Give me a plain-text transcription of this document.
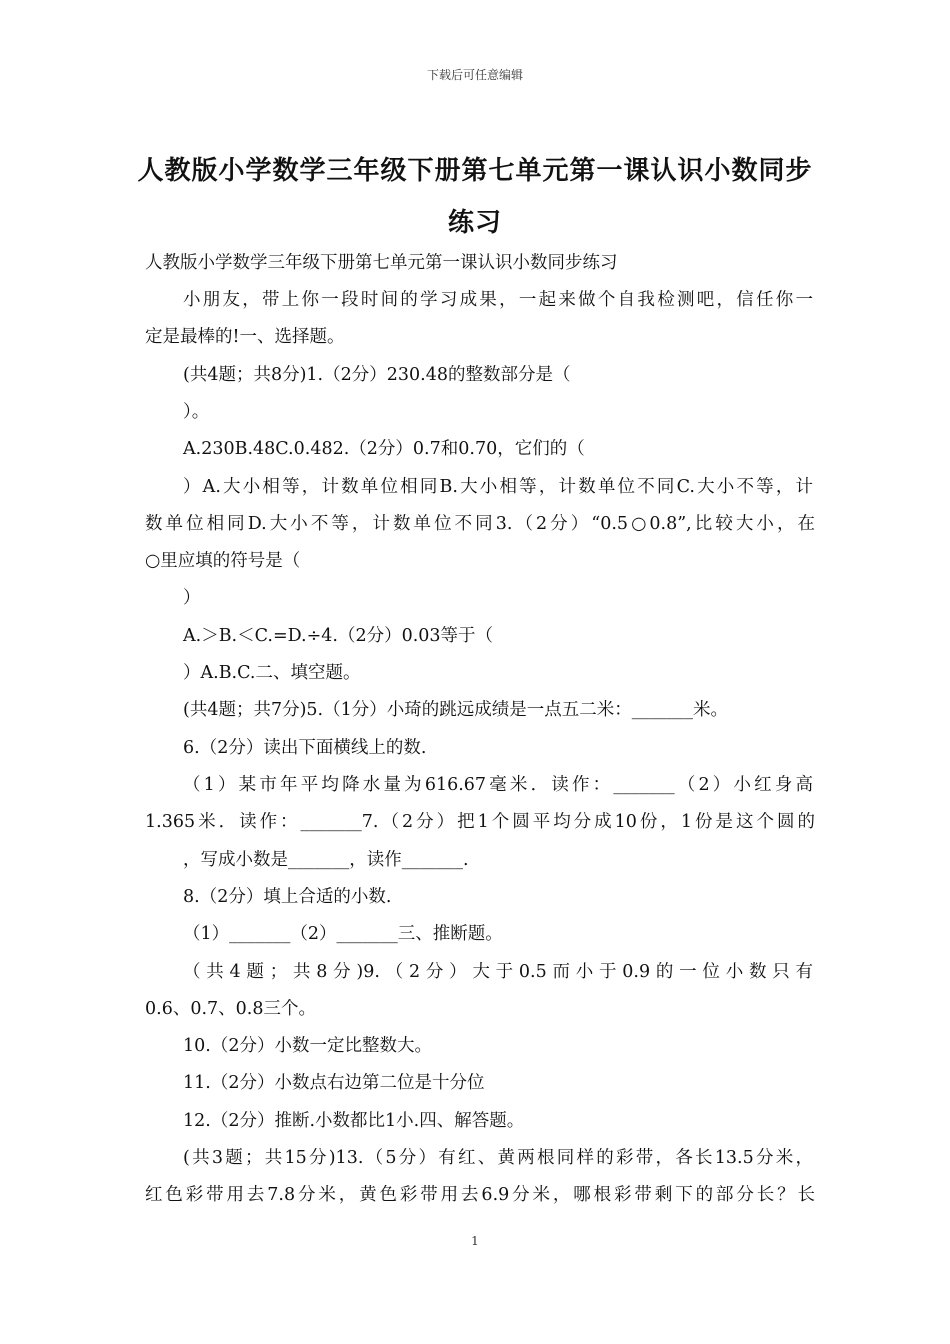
下载后可任意编辑
人教版小学数学三年级下册第七单元第一课认识小数同步
练习
人教版小学数学三年级下册第七单元第一课认识小数同步练习
小朋友，带上你一段时间的学习成果，一起来做个自我检测吧，信任你一
定是最棒的!一、选择题。
(共4题；共8分)1.（2分）230.48的整数部分是（
）。
A.230B.48C.0.482.（2分）0.7和0.70，它们的（
）A.大小相等，计数单位相同B.大小相等，计数单位不同C.大小不等，计
数单位相同D.大小不等，计数单位不同3.（2分）“0.5○0.8”,比较大小，在
○里应填的符号是（
）
A.＞B.＜C.=D.÷4.（2分）0.03等于（
）A.B.C.二、填空题。
(共4题；共7分)5.（1分）小琦的跳远成绩是一点五二米：_______米。
6.（2分）读出下面横线上的数.
（1）某市年平均降水量为616.67毫米．读作：_______（2）小红身高
1.365米．读作：_______7.（2分）把1个圆平均分成10份，1份是这个圆的
，写成小数是_______，读作_______.
8.（2分）填上合适的小数.
（1）_______（2）_______三、推断题。
（共4题；共8分)9.（2分）大于0.5而小于0.9的一位小数只有
0.6、0.7、0.8三个。
10.（2分）小数一定比整数大。
11.（2分）小数点右边第二位是十分位
12.（2分）推断.小数都比1小.四、解答题。
(共3题；共15分)13.（5分）有红、黄两根同样的彩带，各长13.5分米，
红色彩带用去7.8分米，黄色彩带用去6.9分米，哪根彩带剩下的部分长？长
1
